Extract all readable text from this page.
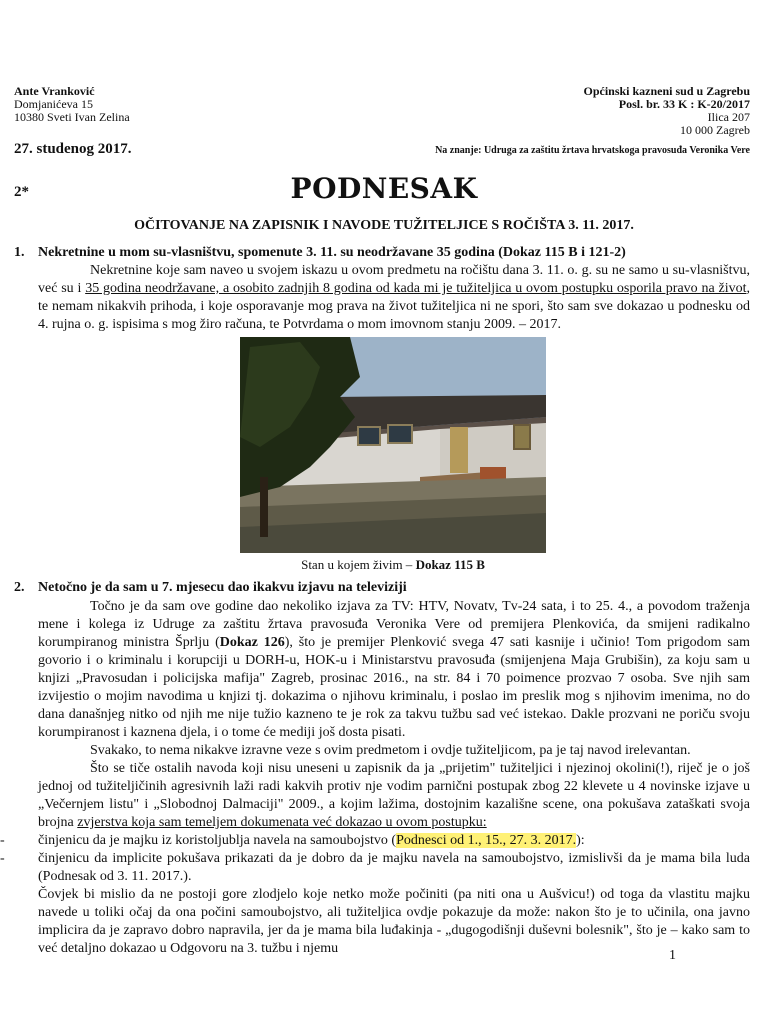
Ante Vranković
Domjanićeva 15
10380 Sveti Ivan Zelina
Općinski kazneni sud u Zagrebu
Posl. br. 33 K : K-20/2017
Ilica 207
10 000 Zagreb
27. studenog 2017.	Na znanje: Udruga za zaštitu žrtava hrvatskoga pravosuđa Veronika Vere
2*	PODNESAK
OČITOVANJE NA ZAPISNIK I NAVODE TUŽITELJICE S ROČIŠTA 3. 11. 2017.
1. Nekretnine u mom su-vlasništvu, spomenute 3. 11. su neodržavane 35 godina (Dokaz 115 B i 121-2)
Nekretnine koje sam naveo u svojem iskazu u ovom predmetu na ročištu dana 3. 11. o. g. su ne samo u su-vlasništvu, već su i 35 godina neodržavane, a osobito zadnjih 8 godina od kada mi je tužiteljica u ovom postupku osporila pravo na život, te nemam nikakvih prihoda, i koje osporavanje mog prava na život tužiteljica ni ne spori, što sam sve dokazao u podnesku od 4. rujna o. g. ispisima s mog žiro računa, te Potvrdama o mom imovnom stanju 2009. – 2017.
Stan u kojem živim – Dokaz 115 B
2. Netočno je da sam u 7. mjesecu dao ikakvu izjavu na televiziji
Točno je da sam ove godine dao nekoliko izjava za TV: HTV, Novatv, Tv-24 sata, i to 25. 4., a povodom traženja mene i kolega iz Udruge za zaštitu žrtava pravosuđa Veronika Vere od premijera Plenkovića, da smijeni radikalno korumpiranog ministra Šprlju (Dokaz 126), što je premijer Plenković svega 47 sati kasnije i učinio! Tom prigodom sam govorio i o kriminalu i korupciji u DORH-u, HOK-u i Ministarstvu pravosuđa (smijenjena Maja Grubišin), za koju sam u knjizi „Pravosudan i policijska mafija" Zagreb, prosinac 2016., na str. 84 i 70 poimence prozvao 7 osoba. Sve njih sam izvijestio o mojim navodima u knjizi tj. dokazima o njihovu kriminalu, i poslao im preslik mog s njihovim imenima, no do dana današnjeg nitko od njih me nije tužio kazneno te je rok za takvu tužbu sad već istekao. Dakle prozvani ne poriču svoju korumpiranost i kaznena djela, i o tome će mediji još dosta pisati.
Svakako, to nema nikakve izravne veze s ovim predmetom i ovdje tužiteljicom, pa je taj navod irelevantan.
Što se tiče ostalih navoda koji nisu uneseni u zapisnik da ja „prijetim" tužiteljici i njezinoj okolini(!), riječ je o još jednoj od tužiteljičinih agresivnih laži radi kakvih protiv nje vodim parnični postupak zbog 22 klevete u 4 novinske izjave u „Večernjem listu" i „Slobodnoj Dalmaciji" 2009., a kojim lažima, dostojnim kazališne scene, ona pokušava zataškati svoja brojna zvjerstva koja sam temeljem dokumenata već dokazao u ovom postupku:
- činjenicu da je majku iz koristoljublja navela na samoubojstvo (Podnesci od 1., 15., 27. 3. 2017.):
- činjenicu da implicite pokušava prikazati da je dobro da je majku navela na samoubojstvo, izmislivši da je mama bila luda (Podnesak od 3. 11. 2017.).
Čovjek bi mislio da ne postoji gore zlodjelo koje netko može počiniti (pa niti ona u Aušvicu!) od toga da vlastitu majku navede u toliki očaj da ona počini samoubojstvo, ali tužiteljica ovdje pokazuje da može: nakon što je to učinila, ona javno implicira da je zapravo dobro napravila, jer da je mama bila luđakinja - „dugogodišnji duševni bolesnik", što je – kako sam to već detaljno dokazao u Odgovoru na 3. tužbu i njemu	1
